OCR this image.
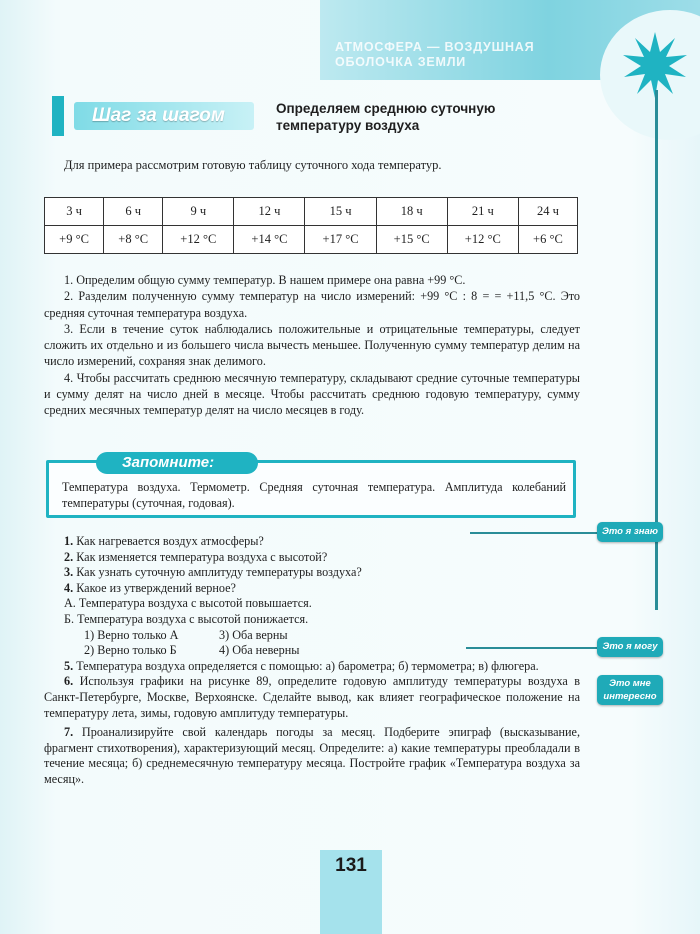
АТМОСФЕРА — ВОЗДУШНАЯ
ОБОЛОЧКА ЗЕМЛИ
Это я знаю
Это я могу
Это мне
интересно
Шаг за шагом	Определяем среднюю суточную
температуру воздуха
Для примера рассмотрим готовую таблицу суточного хода температур.
3 ч	6 ч	9 ч	12 ч	15 ч	18 ч	21 ч	24 ч
+9 °С	+8 °С	+12 °С	+14 °С	+17 °С	+15 °С	+12 °С	+6 °С

1. Определим общую сумму температур. В нашем примере она равна +99 °С.

2. Разделим полученную сумму температур на число измерений: +99 °С : 8 = = +11,5 °С. Это средняя суточная температура воздуха.

3. Если в течение суток наблюдались положительные и отрицательные температуры, следует сложить их отдельно и из большего числа вычесть меньшее. Полученную сумму температур делим на число измерений, сохраняя знак делимого.

4. Чтобы рассчитать среднюю месячную температуру, складывают средние суточные температуры и сумму делят на число дней в месяце. Чтобы рассчитать среднюю годовую температуру, сумму средних месячных температур делят на число месяцев в году.

Запомните:
Температура воздуха. Термометр. Средняя суточная температура. Амплитуда колебаний температуры (суточная, годовая).

1. Как нагревается воздух атмосферы?

2. Как изменяется температура воздуха с высотой?

3. Как узнать суточную амплитуду температуры воздуха?

4. Какое из утверждений верное?

А. Температура воздуха с высотой повышается.

Б. Температура воздуха с высотой понижается.

1) Верно только А	3) Оба верны

2) Верно только Б	4) Оба неверны

5. Температура воздуха определяется с помощью: а) барометра; б) термометра; в) флюгера.

6. Используя графики на рисунке 89, определите годовую амплитуду температуры воздуха в Санкт-Петербурге, Москве, Верхоянске. Сделайте вывод, как влияет географическое положение на температуру лета, зимы, годовую амплитуду температуры.

7. Проанализируйте свой календарь погоды за месяц. Подберите эпиграф (высказывание, фрагмент стихотворения), характеризующий месяц. Определите: а) какие температуры преобладали в течение месяца; б) среднемесячную температуру месяца. Постройте график «Температура воздуха за месяц».

131
